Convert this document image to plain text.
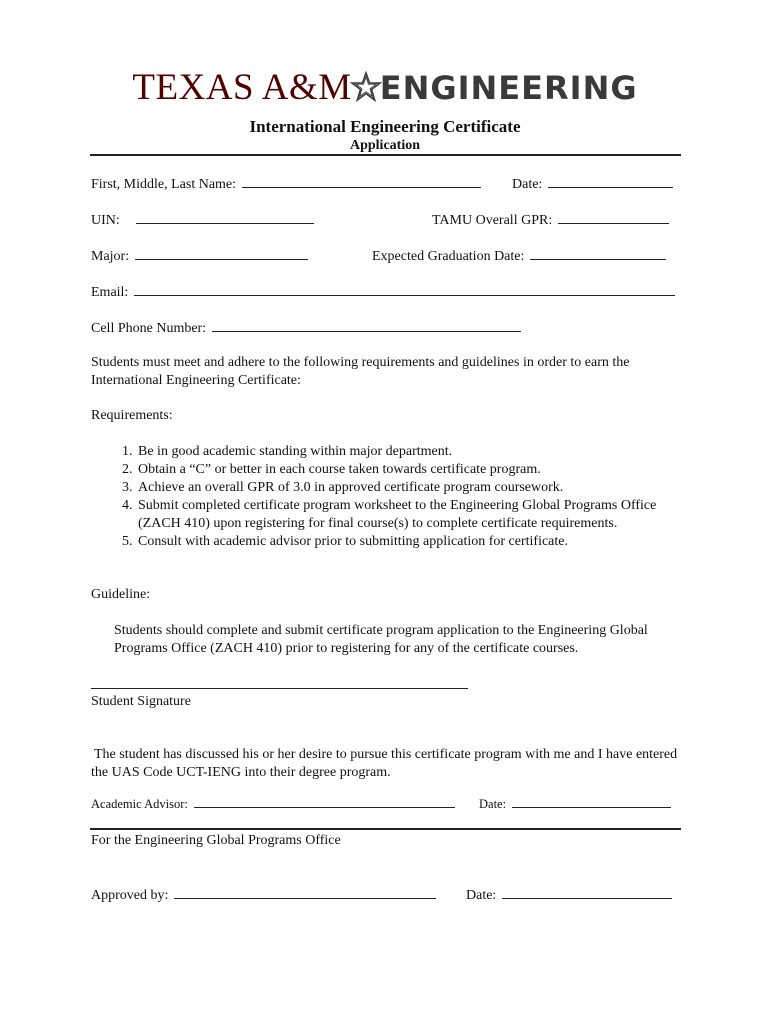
TEXAS A&M ENGINEERING
International Engineering Certificate
Application
First, Middle, Last Name:	Date:
UIN:	TAMU Overall GPR:
Major:	Expected Graduation Date:
Email:
Cell Phone Number:
Students must meet and adhere to the following requirements and guidelines in order to earn the International Engineering Certificate:
Requirements:
1. Be in good academic standing within major department.
2. Obtain a “C” or better in each course taken towards certificate program.
3. Achieve an overall GPR of 3.0 in approved certificate program coursework.
4. Submit completed certificate program worksheet to the Engineering Global Programs Office (ZACH 410) upon registering for final course(s) to complete certificate requirements.
5. Consult with academic advisor prior to submitting application for certificate.
Guideline:
Students should complete and submit certificate program application to the Engineering Global Programs Office (ZACH 410) prior to registering for any of the certificate courses.
Student Signature
The student has discussed his or her desire to pursue this certificate program with me and I have entered the UAS Code UCT-IENG into their degree program.
Academic Advisor:	Date:
For the Engineering Global Programs Office
Approved by:	Date:
